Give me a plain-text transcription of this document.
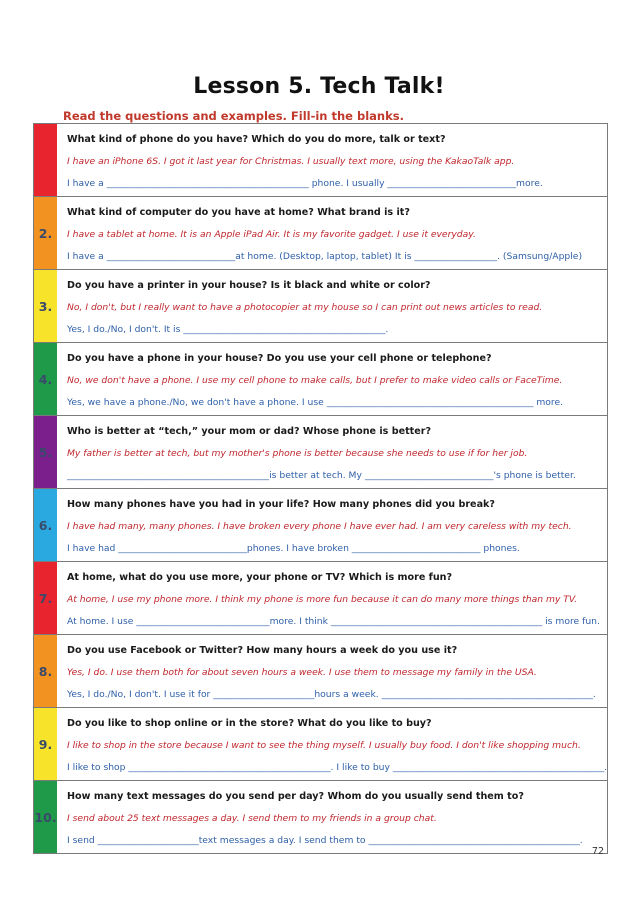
Lesson 5. Tech Talk!
Read the questions and examples. Fill-in the blanks.
1.
What kind of phone do you have? Which do you do more, talk or text?
I have an iPhone 6S. I got it last year for Christmas. I usually text more, using the KakaoTalk app.
I have a ____________________________________________ phone. I usually ____________________________more.
2.
What kind of computer do you have at home? What brand is it?
I have a tablet at home. It is an Apple iPad Air. It is my favorite gadget. I use it everyday.
I have a ____________________________at home. (Desktop, laptop, tablet) It is __________________. (Samsung/Apple)
3.
Do you have a printer in your house? Is it black and white or color?
No, I don't, but I really want to have a photocopier at my house so I can print out news articles to read.
Yes, I do./No, I don't. It is ____________________________________________.
4.
Do you have a phone in your house? Do you use your cell phone or telephone?
No, we don't have a phone. I use my cell phone to make calls, but I prefer to make video calls or FaceTime.
Yes, we have a phone./No, we don't have a phone. I use _____________________________________________ more.
5.
Who is better at “tech,” your mom or dad? Whose phone is better?
My father is better at tech, but my mother's phone is better because she needs to use if for her job.
____________________________________________is better at tech. My ____________________________'s phone is better.
6.
How many phones have you had in your life? How many phones did you break?
I have had many, many phones. I have broken every phone I have ever had. I am very careless with my tech.
I have had ____________________________phones. I have broken ____________________________ phones.
7.
At home, what do you use more, your phone or TV? Which is more fun?
At home, I use my phone more. I think my phone is more fun because it can do many more things than my TV.
At home. I use _____________________________more. I think ______________________________________________ is more fun.
8.
Do you use Facebook or Twitter? How many hours a week do you use it?
Yes, I do. I use them both for about seven hours a week. I use them to message my family in the USA.
Yes, I do./No, I don't. I use it for ______________________hours a week. ______________________________________________.
9.
Do you like to shop online or in the store? What do you like to buy?
I like to shop in the store because I want to see the thing myself. I usually buy food. I don't like shopping much.
I like to shop ____________________________________________. I like to buy ______________________________________________.
10.
How many text messages do you send per day? Whom do you usually send them to?
I send about 25 text messages a day. I send them to my friends in a group chat.
I send ______________________text messages a day. I send them to ______________________________________________.
72
